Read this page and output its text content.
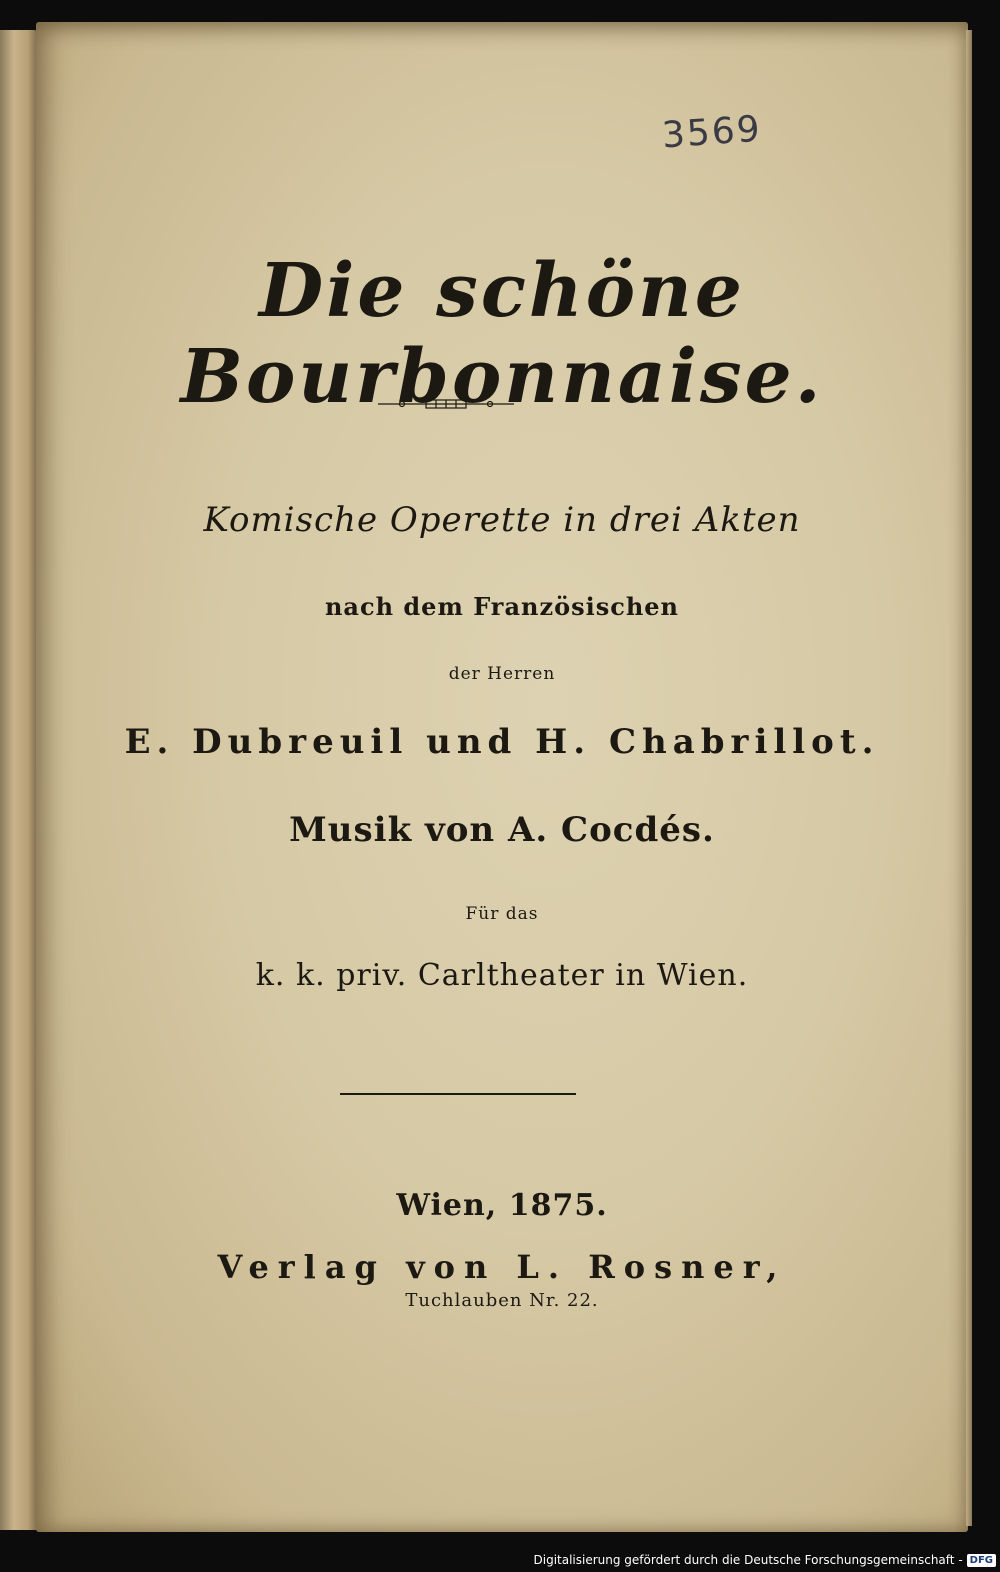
3569
Die schöne Bourbonnaise.
Komische Operette in drei Akten
nach dem Französischen
der Herren
E. Dubreuil und H. Chabrillot.
Musik von A. Cocdés.
Für das
k. k. priv. Carltheater in Wien.
Wien, 1875.
Verlag von L. Rosner,
Tuchlauben Nr. 22.
Digitalisierung gefördert durch die Deutsche Forschungsgemeinschaft - DFG
